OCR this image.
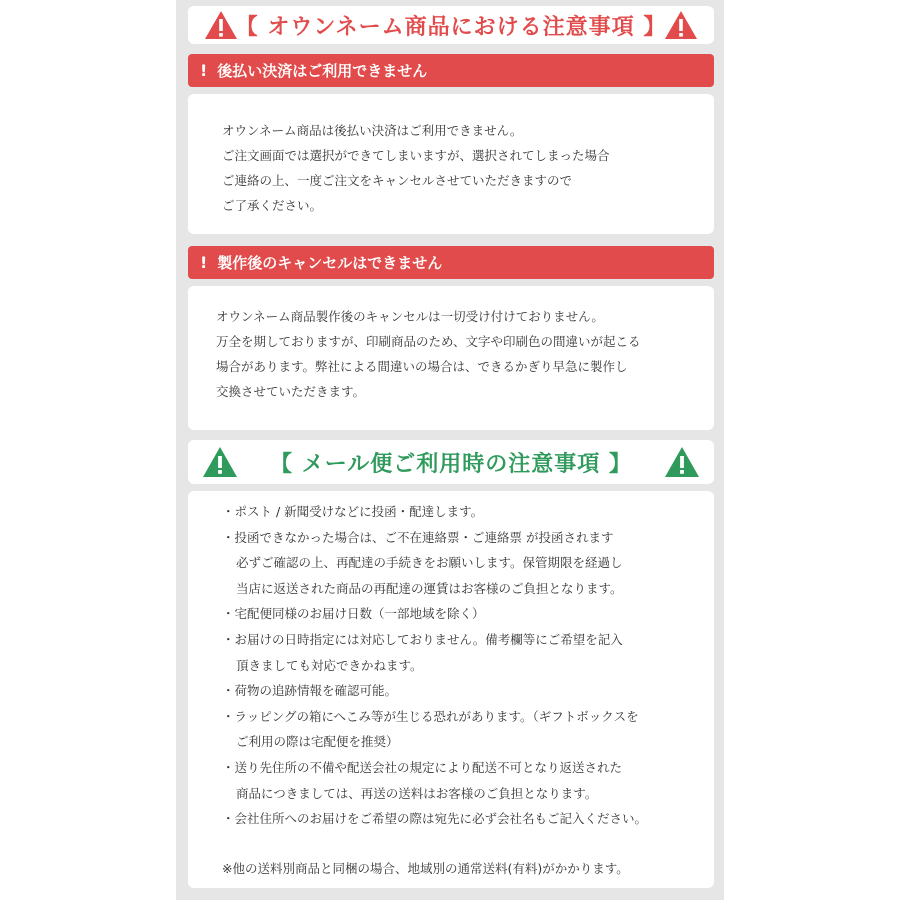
【 オウンネーム商品における注意事項 】
! 後払い決済はご利用できません
オウンネーム商品は後払い決済はご利用できません。
ご注文画面では選択ができてしまいますが、選択されてしまった場合
ご連絡の上、一度ご注文をキャンセルさせていただきますので
ご了承ください。
! 製作後のキャンセルはできません
オウンネーム商品製作後のキャンセルは一切受け付けておりません。
万全を期しておりますが、印刷商品のため、文字や印刷色の間違いが起こる
場合があります。弊社による間違いの場合は、できるかぎり早急に製作し
交換させていただきます。
【 メール便ご利用時の注意事項 】
・ポスト / 新聞受けなどに投函・配達します。
・投函できなかった場合は、ご不在連絡票・ご連絡票 が投函されます
必ずご確認の上、再配達の手続きをお願いします。保管期限を経過し
当店に返送された商品の再配達の運賃はお客様のご負担となります。
・宅配便同様のお届け日数（一部地域を除く）
・お届けの日時指定には対応しておりません。備考欄等にご希望を記入
頂きましても対応できかねます。
・荷物の追跡情報を確認可能。
・ラッピングの箱にへこみ等が生じる恐れがあります。（ギフトボックスを
ご利用の際は宅配便を推奨）
・送り先住所の不備や配送会社の規定により配送不可となり返送された
商品につきましては、再送の送料はお客様のご負担となります。
・会社住所へのお届けをご希望の際は宛先に必ず会社名もご記入ください。
※他の送料別商品と同梱の場合、地域別の通常送料(有料)がかかります。
